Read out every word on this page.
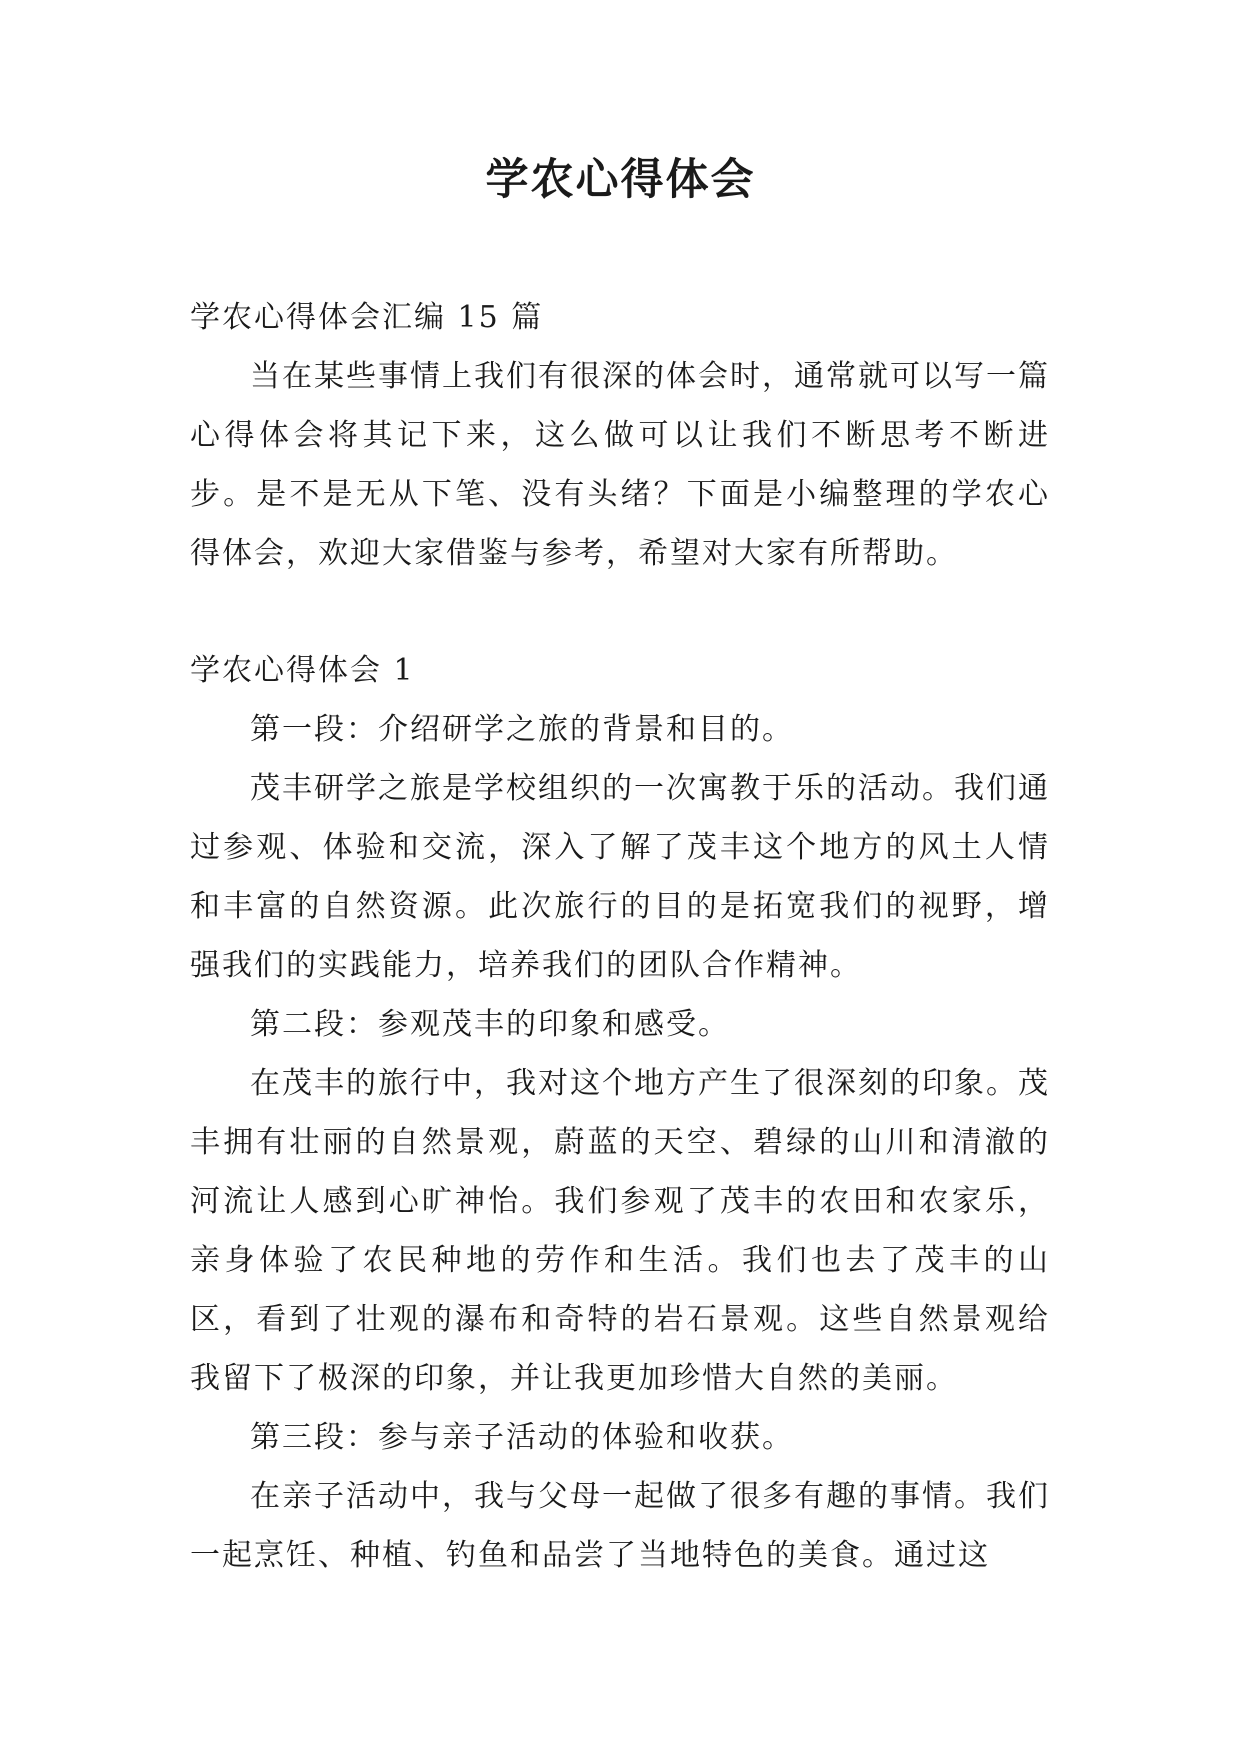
学农心得体会

学农心得体会汇编 15 篇

当在某些事情上我们有很深的体会时，通常就可以写一篇心得体会将其记下来，这么做可以让我们不断思考不断进步。是不是无从下笔、没有头绪？下面是小编整理的学农心得体会，欢迎大家借鉴与参考，希望对大家有所帮助。

学农心得体会 1

第一段：介绍研学之旅的背景和目的。

茂丰研学之旅是学校组织的一次寓教于乐的活动。我们通过参观、体验和交流，深入了解了茂丰这个地方的风土人情和丰富的自然资源。此次旅行的目的是拓宽我们的视野，增强我们的实践能力，培养我们的团队合作精神。

第二段：参观茂丰的印象和感受。

在茂丰的旅行中，我对这个地方产生了很深刻的印象。茂丰拥有壮丽的自然景观，蔚蓝的天空、碧绿的山川和清澈的河流让人感到心旷神怡。我们参观了茂丰的农田和农家乐，亲身体验了农民种地的劳作和生活。我们也去了茂丰的山区，看到了壮观的瀑布和奇特的岩石景观。这些自然景观给我留下了极深的印象，并让我更加珍惜大自然的美丽。

第三段：参与亲子活动的体验和收获。

在亲子活动中，我与父母一起做了很多有趣的事情。我们一起烹饪、种植、钓鱼和品尝了当地特色的美食。通过这
